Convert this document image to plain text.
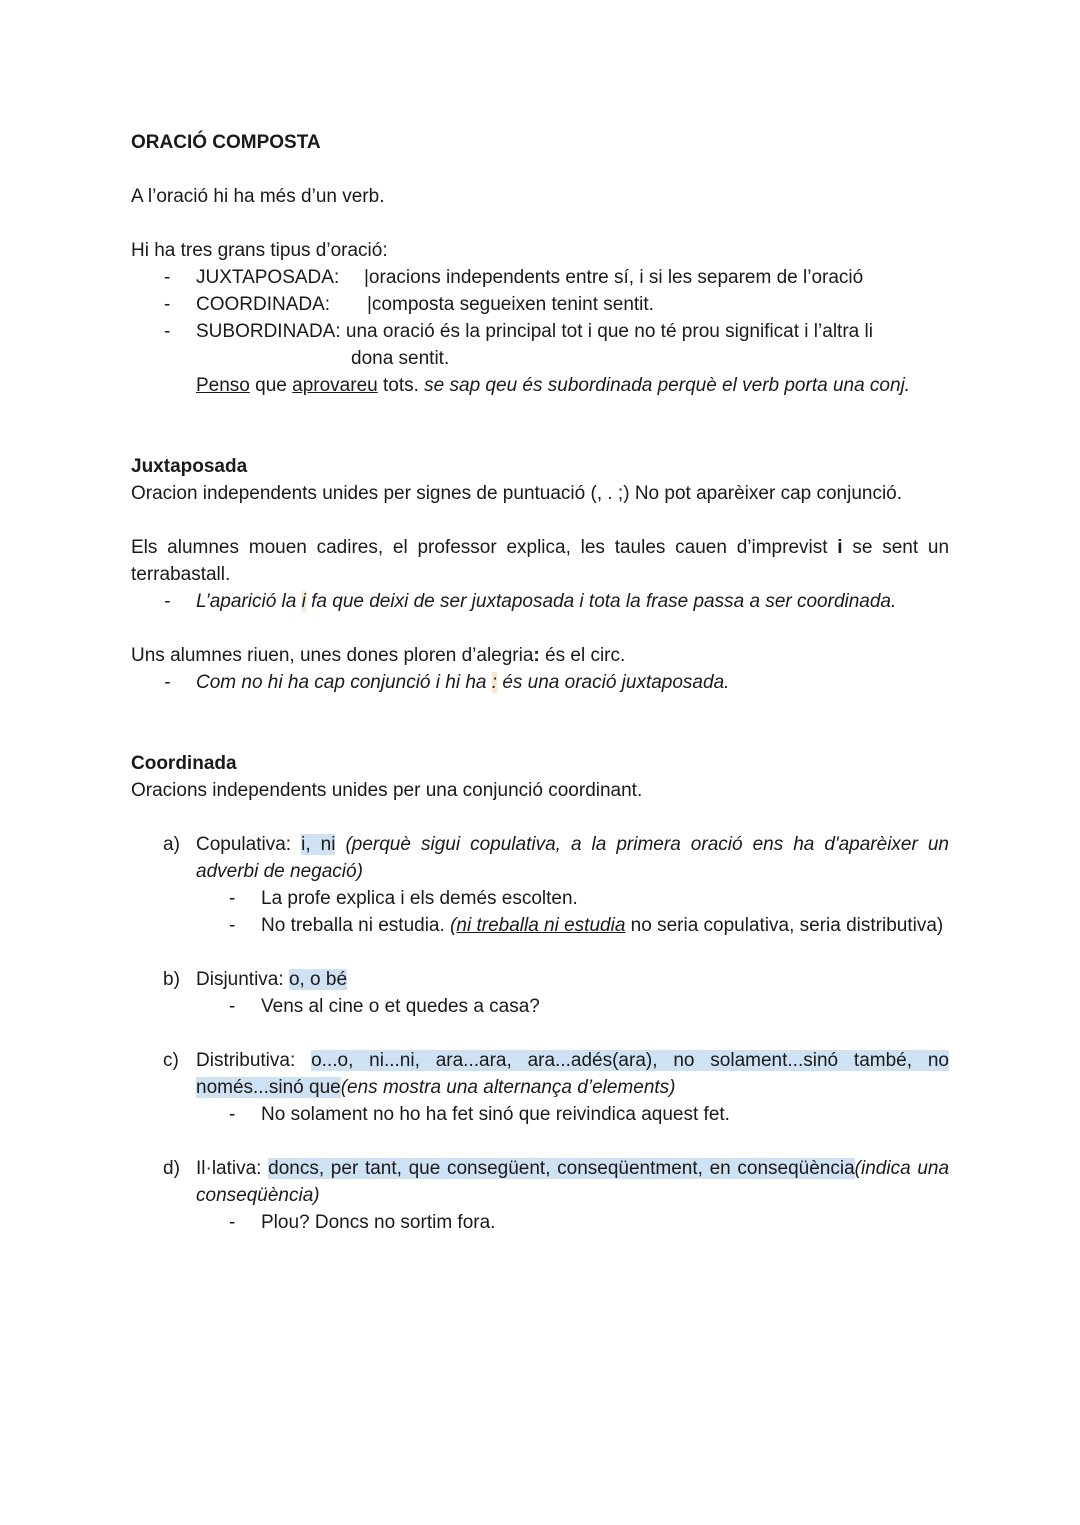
ORACIÓ COMPOSTA
A l’oració hi ha més d’un verb.
Hi ha tres grans tipus d’oració:
- JUXTAPOSADA: |oracions independents entre sí, i si les separem de l’oració
- COORDINADA: |composta segueixen tenint sentit.
- SUBORDINADA: una oració és la principal tot i que no té prou significat i l’altra li
dona sentit.
Penso que aprovareu tots. se sap qeu és subordinada perquè el verb porta una conj.
Juxtaposada
Oracion independents unides per signes de puntuació (, . ;) No pot aparèixer cap conjunció.
Els alumnes mouen cadires, el professor explica, les taules cauen d’imprevist i se sent un terrabastall.
- L’aparició la i fa que deixi de ser juxtaposada i tota la frase passa a ser coordinada.
Uns alumnes riuen, unes dones ploren d’alegria: és el circ.
- Com no hi ha cap conjunció i hi ha : és una oració juxtaposada.
Coordinada
Oracions independents unides per una conjunció coordinant.
a) Copulativa: i, ni (perquè sigui copulativa, a la primera oració ens ha d'aparèixer un adverbi de negació)
- La profe explica i els demés escolten.
- No treballa ni estudia. (ni treballa ni estudia no seria copulativa, seria distributiva)
b) Disjuntiva: o, o bé
- Vens al cine o et quedes a casa?
c) Distributiva: o...o, ni...ni, ara...ara, ara...adés(ara), no solament...sinó també, no només...sinó que(ens mostra una alternança d’elements)
- No solament no ho ha fet sinó que reivindica aquest fet.
d) Il·lativa: doncs, per tant, que consegüent, conseqüentment, en conseqüència(indica una conseqüència)
- Plou? Doncs no sortim fora.
